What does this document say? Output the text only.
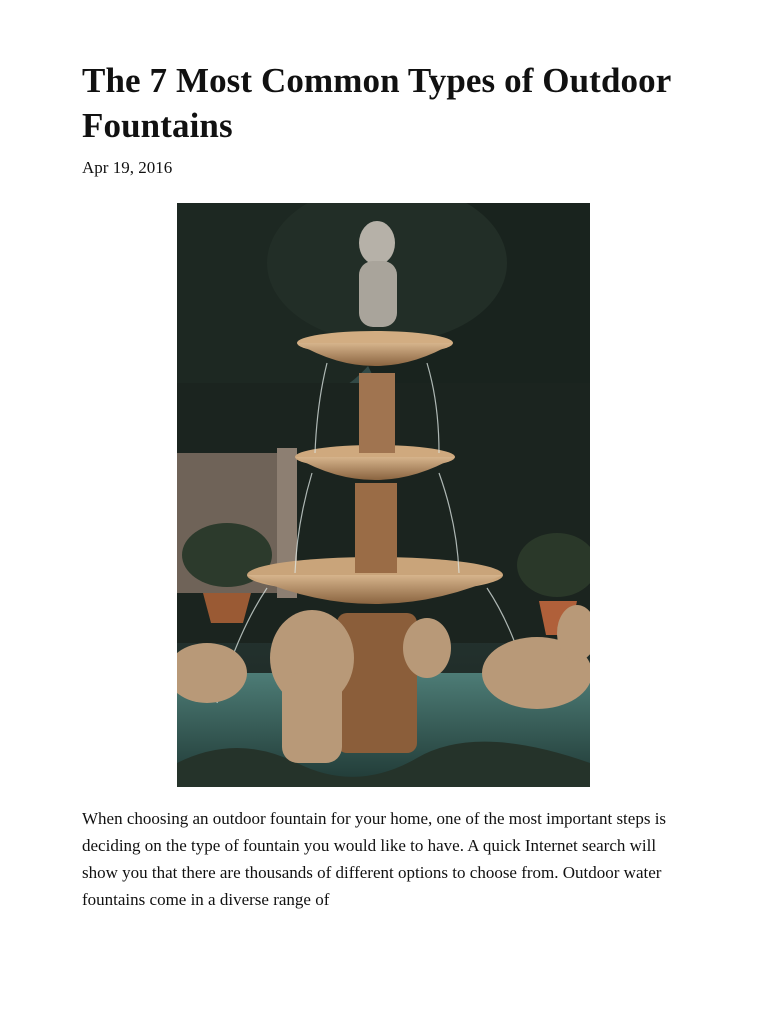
The 7 Most Common Types of Outdoor Fountains

Apr 19, 2016

When choosing an outdoor fountain for your home, one of the most important steps is deciding on the type of fountain you would like to have. A quick Internet search will show you that there are thousands of different options to choose from. Outdoor water fountains come in a diverse range of
